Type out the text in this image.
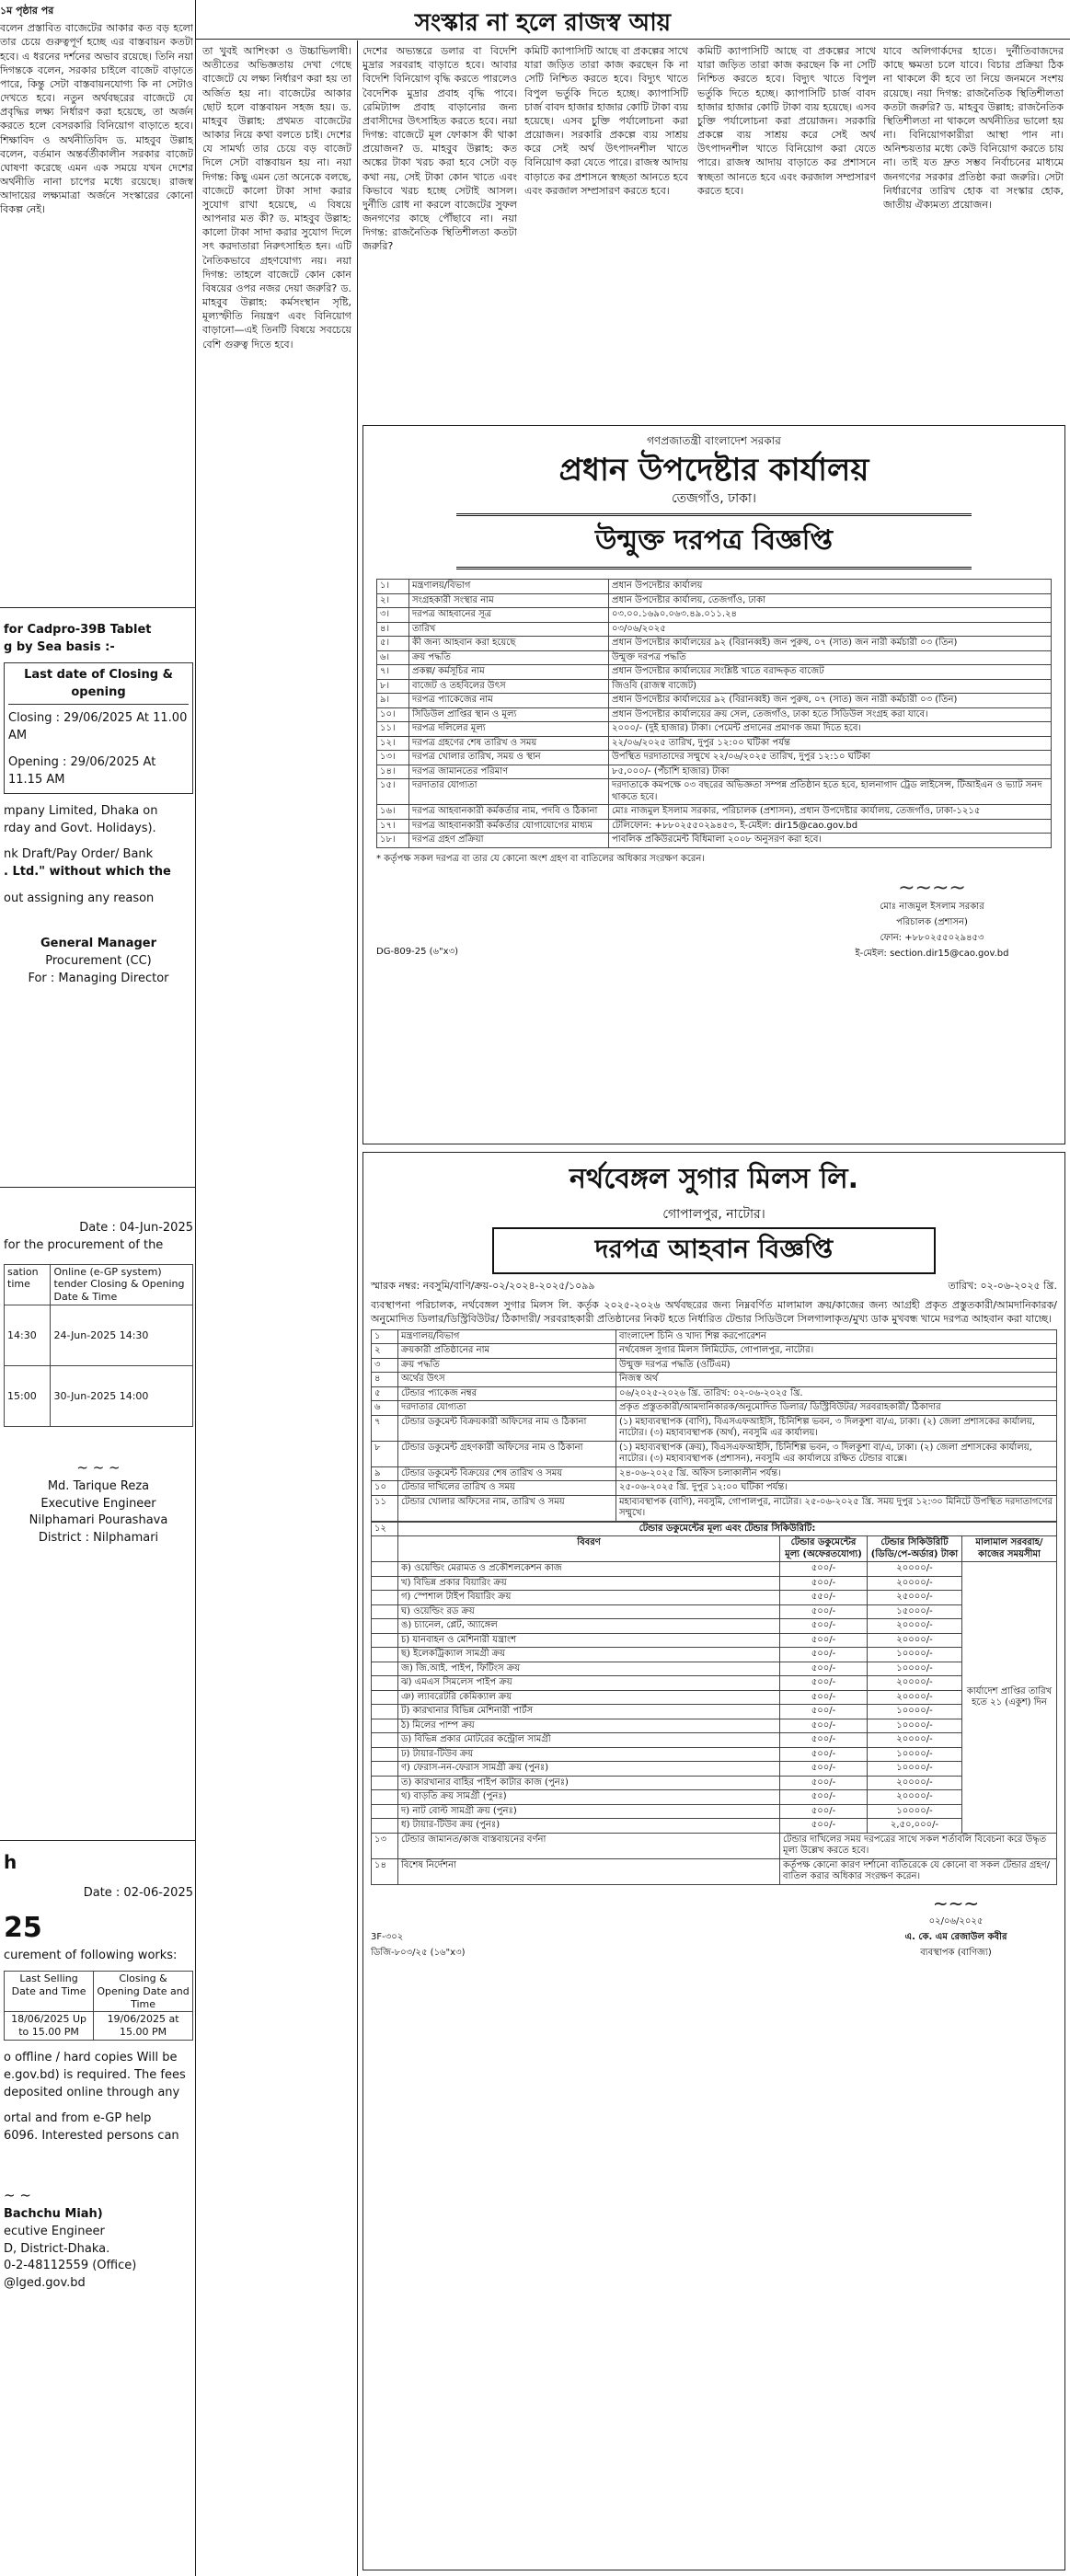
সংস্কার না হলে রাজস্ব আয়

১ম পৃষ্ঠার পর

বলেন প্রস্তাবিত বাজেটের আকার কত বড় হলো তার চেয়ে গুরুত্বপূর্ণ হচ্ছে এর বাস্তবায়ন কতটা হবে। এ ধরনের দর্শনের অভাব রয়েছে। তিনি নয়া দিগন্তকে বলেন, সরকার চাইলে বাজেট বাড়াতে পারে, কিন্তু সেটা বাস্তবায়নযোগ্য কি না সেটাও দেখতে হবে। নতুন অর্থবছরের বাজেটে যে প্রবৃদ্ধির লক্ষ্য নির্ধারণ করা হয়েছে, তা অর্জন করতে হলে বেসরকারি বিনিয়োগ বাড়াতে হবে। শিক্ষাবিদ ও অর্থনীতিবিদ ড. মাহবুব উল্লাহ বলেন, বর্তমান অন্তর্বর্তীকালীন সরকার বাজেট ঘোষণা করেছে এমন এক সময়ে যখন দেশের অর্থনীতি নানা চাপের মধ্যে রয়েছে। রাজস্ব আদায়ের লক্ষ্যমাত্রা অর্জনে সংস্কারের কোনো বিকল্প নেই।

for Cadpro-39B Tablet
g by Sea basis :-
Last date of Closing & opening
Closing : 29/06/2025 At 11.00 AM
Opening : 29/06/2025 At 11.15 AM
mpany Limited, Dhaka on
rday and Govt. Holidays).
nk Draft/Pay Order/ Bank
. Ltd." without which the
out assigning any reason
General Manager
Procurement (CC)
For : Managing Director
Date : 04-Jun-2025
for the procurement of the
sation time	Online (e-GP system) tender Closing & Opening Date & Time
14:30	24-Jun-2025 14:30
15:00	30-Jun-2025 14:00
~ ~ ~
Md. Tarique Reza
Executive Engineer
Nilphamari Pourashava
District : Nilphamari
h
Date : 02-06-2025
25
curement of following works:
Last Selling Date and Time	Closing & Opening Date and Time
18/06/2025 Up to 15.00 PM	19/06/2025 at 15.00 PM
o offline / hard copies Will be
e.gov.bd) is required. The fees
deposited online through any
ortal and from e-GP help
6096. Interested persons can
~ ~
Bachchu Miah)
ecutive Engineer
D, District-Dhaka.
0-2-48112559 (Office)
@lged.gov.bd

তা খুবই আশিংকা ও উচ্চাভিলাষী। অতীতের অভিজ্ঞতায় দেখা গেছে বাজেটে যে লক্ষ্য নির্ধারণ করা হয় তা অর্জিত হয় না। বাজেটের আকার ছোট হলে বাস্তবায়ন সহজ হয়। ড. মাহবুব উল্লাহ: প্রথমত বাজেটের আকার নিয়ে কথা বলতে চাই। দেশের যে সামর্থ্য তার চেয়ে বড় বাজেট দিলে সেটা বাস্তবায়ন হয় না। নয়া দিগন্ত: কিছু এমন তো অনেকে বলছে, বাজেটে কালো টাকা সাদা করার সুযোগ রাখা হয়েছে, এ বিষয়ে আপনার মত কী? ড. মাহবুব উল্লাহ: কালো টাকা সাদা করার সুযোগ দিলে সৎ করদাতারা নিরুৎসাহিত হন। এটি নৈতিকভাবে গ্রহণযোগ্য নয়। নয়া দিগন্ত: তাহলে বাজেটে কোন কোন বিষয়ের ওপর নজর দেয়া জরুরি? ড. মাহবুব উল্লাহ: কর্মসংস্থান সৃষ্টি, মূল্যস্ফীতি নিয়ন্ত্রণ এবং বিনিয়োগ বাড়ানো—এই তিনটি বিষয়ে সবচেয়ে বেশি গুরুত্ব দিতে হবে।

দেশের অভ্যন্তরে ডলার বা বিদেশি মুদ্রার সরবরাহ বাড়াতে হবে। আবার বিদেশি বিনিয়োগ বৃদ্ধি করতে পারলেও বৈদেশিক মুদ্রার প্রবাহ বৃদ্ধি পাবে। রেমিট্যান্স প্রবাহ বাড়ানোর জন্য প্রবাসীদের উৎসাহিত করতে হবে। নয়া দিগন্ত: বাজেটে মূল ফোকাস কী থাকা প্রয়োজন? ড. মাহবুব উল্লাহ: কত অঙ্কের টাকা খরচ করা হবে সেটা বড় কথা নয়, সেই টাকা কোন খাতে এবং কিভাবে খরচ হচ্ছে সেটাই আসল। দুর্নীতি রোধ না করলে বাজেটের সুফল জনগণের কাছে পৌঁছাবে না। নয়া দিগন্ত: রাজনৈতিক স্থিতিশীলতা কতটা জরুরি?

কমিটি ক্যাপাসিটি আছে বা প্রকল্পের সাথে যারা জড়িত তারা কাজ করছেন কি না সেটি নিশ্চিত করতে হবে। বিদ্যুৎ খাতে বিপুল ভর্তুকি দিতে হচ্ছে। ক্যাপাসিটি চার্জ বাবদ হাজার হাজার কোটি টাকা ব্যয় হয়েছে। এসব চুক্তি পর্যালোচনা করা প্রয়োজন। সরকারি প্রকল্পে ব্যয় সাশ্রয় করে সেই অর্থ উৎপাদনশীল খাতে বিনিয়োগ করা যেতে পারে। রাজস্ব আদায় বাড়াতে কর প্রশাসনে স্বচ্ছতা আনতে হবে এবং করজাল সম্প্রসারণ করতে হবে।

যাবে অলিগার্কদের হাতে। দুর্নীতিবাজদের কাছে ক্ষমতা চলে যাবে। বিচার প্রক্রিয়া ঠিক না থাকলে কী হবে তা নিয়ে জনমনে সংশয় রয়েছে। নয়া দিগন্ত: রাজনৈতিক স্থিতিশীলতা কতটা জরুরি? ড. মাহবুব উল্লাহ: রাজনৈতিক স্থিতিশীলতা না থাকলে অর্থনীতির ভালো হয় না। বিনিয়োগকারীরা আস্থা পান না। অনিশ্চয়তার মধ্যে কেউ বিনিয়োগ করতে চায় না। তাই যত দ্রুত সম্ভব নির্বাচনের মাধ্যমে জনগণের সরকার প্রতিষ্ঠা করা জরুরি। সেটা নির্ধারণের তারিখ হোক বা সংস্কার হোক, জাতীয় ঐক্যমত্য প্রয়োজন।

কমিটি ক্যাপাসিটি আছে বা প্রকল্পের সাথে যারা জড়িত তারা কাজ করছেন কি না সেটি নিশ্চিত করতে হবে। বিদ্যুৎ খাতে বিপুল ভর্তুকি দিতে হচ্ছে। ক্যাপাসিটি চার্জ বাবদ হাজার হাজার কোটি টাকা ব্যয় হয়েছে। এসব চুক্তি পর্যালোচনা করা প্রয়োজন। সরকারি প্রকল্পে ব্যয় সাশ্রয় করে সেই অর্থ উৎপাদনশীল খাতে বিনিয়োগ করা যেতে পারে। রাজস্ব আদায় বাড়াতে কর প্রশাসনে স্বচ্ছতা আনতে হবে এবং করজাল সম্প্রসারণ করতে হবে।

গণপ্রজাতন্ত্রী বাংলাদেশ সরকার
প্রধান উপদেষ্টার কার্যালয়
তেজগাঁও, ঢাকা।
উন্মুক্ত দরপত্র বিজ্ঞপ্তি
১।	মন্ত্রণালয়/বিভাগ	প্রধান উপদেষ্টার কার্যালয়
২।	সংগ্রহকারী সংস্থার নাম	প্রধান উপদেষ্টার কার্যালয়, তেজগাঁও, ঢাকা
৩।	দরপত্র আহবানের সূত্র	০৩.০০.১৬৯০.০৬৩.৪৯.০১১.২৪
৪।	তারিখ	০৩/০৬/২০২৫
৫।	কী জন্য আহবান করা হয়েছে	প্রধান উপদেষ্টার কার্যালয়ের ৯২ (বিরানব্বই) জন পুরুষ, ০৭ (সাত) জন নারী কর্মচারী ০৩ (তিন)
৬।	ক্রয় পদ্ধতি	উন্মুক্ত দরপত্র পদ্ধতি
৭।	প্রকল্প/ কর্মসূচির নাম	প্রধান উপদেষ্টার কার্যালয়ের সংশ্লিষ্ট খাতে বরাদ্দকৃত বাজেট
৮।	বাজেট ও তহবিলের উৎস	জিওবি (রাজস্ব বাজেট)
৯।	দরপত্র প্যাকেজের নাম	প্রধান উপদেষ্টার কার্যালয়ের ৯২ (বিরানব্বই) জন পুরুষ, ০৭ (সাত) জন নারী কর্মচারী ০৩ (তিন)
১০।	সিডিউল প্রাপ্তির স্থান ও মূল্য	প্রধান উপদেষ্টার কার্যালয়ের ক্রয় সেল, তেজগাঁও, ঢাকা হতে সিডিউল সংগ্রহ করা যাবে।
১১।	দরপত্র দলিলের মূল্য	২০০০/- (দুই হাজার) টাকা। পেমেন্ট প্রদানের প্রমাণক জমা দিতে হবে।
১২।	দরপত্র গ্রহণের শেষ তারিখ ও সময়	২২/০৬/২০২৫ তারিখ, দুপুর ১২:০০ ঘটিকা পর্যন্ত
১৩।	দরপত্র খোলার তারিখ, সময় ও স্থান	উপস্থিত দরদাতাদের সম্মুখে ২২/০৬/২০২৫ তারিখ, দুপুর ১২:১০ ঘটিকা
১৪।	দরপত্র জামানতের পরিমাণ	৮৫,০০০/- (পঁচাশি হাজার) টাকা
১৫।	দরদাতার যোগ্যতা	দরদাতাকে কমপক্ষে ০৩ বছরের অভিজ্ঞতা সম্পন্ন প্রতিষ্ঠান হতে হবে, হালনাগাদ ট্রেড লাইসেন্স, টিআইএন ও ভ্যাট সনদ থাকতে হবে।
১৬।	দরপত্র আহবানকারী কর্মকর্তার নাম, পদবি ও ঠিকানা	মোঃ নাজমুল ইসলাম সরকার, পরিচালক (প্রশাসন), প্রধান উপদেষ্টার কার্যালয়, তেজগাঁও, ঢাকা-১২১৫
১৭।	দরপত্র আহবানকারী কর্মকর্তার যোগাযোগের মাধ্যম	টেলিফোন: +৮৮০২৫৫০২৯৪৫৩, ই-মেইল: dir15@cao.gov.bd
১৮।	দরপত্র গ্রহণ প্রক্রিয়া	পাবলিক প্রকিউরমেন্ট বিধিমালা ২০০৮ অনুসরণ করা হবে।
* কর্তৃপক্ষ সকল দরপত্র বা তার যে কোনো অংশ গ্রহণ বা বাতিলের অধিকার সংরক্ষণ করেন।
DG-809-25 (৬"x৩)
~~~~
মোঃ নাজমুল ইসলাম সরকার
পরিচালক (প্রশাসন)
ফোন: +৮৮০২৫৫০২৯৪৫৩
ই-মেইল: section.dir15@cao.gov.bd
নর্থবেঙ্গল সুগার মিলস লি.
গোপালপুর, নাটোর।
দরপত্র আহবান বিজ্ঞপ্তি
স্মারক নম্বর: নবসুমি/বাণি/ক্রয়-০২/২০২৪-২০২৫/১০৯৯	তারিখ: ০২-০৬-২০২৫ খ্রি.
ব্যবস্থাপনা পরিচালক, নর্থবেঙ্গল সুগার মিলস লি. কর্তৃক ২০২৫-২০২৬ অর্থবছরের জন্য নিম্নবর্ণিত মালামাল ক্রয়/কাজের জন্য আগ্রহী প্রকৃত প্রস্তুতকারী/আমদানিকারক/অনুমোদিত ডিলার/ডিস্ট্রিবিউটর/ ঠিকাদারী/ সরবরাহকারী প্রতিষ্ঠানের নিকট হতে নির্ধারিত টেন্ডার সিডিউলে সিলগালাকৃত/মুখ্য ডাক মুখবন্ধ খামে দরপত্র আহবান করা যাচ্ছে।
১	মন্ত্রণালয়/বিভাগ	বাংলাদেশ চিনি ও খাদ্য শিল্প করপোরেশন
২	ক্রয়কারী প্রতিষ্ঠানের নাম	নর্থবেঙ্গল সুগার মিলস লিমিটেড, গোপালপুর, নাটোর।
৩	ক্রয় পদ্ধতি	উন্মুক্ত দরপত্র পদ্ধতি (ওটিএম)
৪	অর্থের উৎস	নিজস্ব অর্থ
৫	টেন্ডার প্যাকেজ নম্বর	০৬/২০২৫-২০২৬ খ্রি. তারিখ: ০২-০৬-২০২৫ খ্রি.
৬	দরদাতার যোগ্যতা	প্রকৃত প্রস্তুতকারী/আমদানিকারক/অনুমোদিত ডিলার/ ডিস্ট্রিবিউটর/ সরবরাহকারী/ ঠিকাদার
৭	টেন্ডার ডকুমেন্ট বিক্রয়কারী অফিসের নাম ও ঠিকানা	(১) মহাব্যবস্থাপক (বাণি), বিএসএফআইসি, চিনিশিল্প ভবন, ৩ দিলকুশা বা/এ, ঢাকা। (২) জেলা প্রশাসকের কার্যালয়, নাটোর। (৩) মহাব্যবস্থাপক (অর্থ), নবসুমি এর কার্যালয়।
৮	টেন্ডার ডকুমেন্ট গ্রহণকারী অফিসের নাম ও ঠিকানা	(১) মহাব্যবস্থাপক (ক্রয়), বিএসএফআইসি, চিনিশিল্প ভবন, ৩ দিলকুশা বা/এ, ঢাকা। (২) জেলা প্রশাসকের কার্যালয়, নাটোর। (৩) মহাব্যবস্থাপক (প্রশাসন), নবসুমি এর কার্যালয়ে রক্ষিত টেন্ডার বাক্সে।
৯	টেন্ডার ডকুমেন্ট বিক্রয়ের শেষ তারিখ ও সময়	২৪-০৬-২০২৫ খ্রি. অফিস চলাকালীন পর্যন্ত।
১০	টেন্ডার দাখিলের তারিখ ও সময়	২৫-০৬-২০২৫ খ্রি. দুপুর ১২:০০ ঘটিকা পর্যন্ত।
১১	টেন্ডার খোলার অফিসের নাম, তারিখ ও সময়	মহাব্যবস্থাপক (বাণি), নবসুমি, গোপালপুর, নাটোর। ২৫-০৬-২০২৫ খ্রি. সময় দুপুর ১২:৩০ মিনিটে উপস্থিত দরদাতাগণের সম্মুখে।
১২	টেন্ডার ডকুমেন্টের মূল্য এবং টেন্ডার সিকিউরিটি:			
	বিবরণ	টেন্ডার ডকুমেন্টের মূল্য (অফেরতযোগ্য)	টেন্ডার সিকিউরিটি (ডিডি/পে-অর্ডার) টাকা	মালামাল সরবরাহ/ কাজের সময়সীমা
	ক) ওয়েল্ডিং মেরামত ও প্রকৌশলকেশন কাজ	৫০০/-	২০০০০/-	কার্যাদেশ প্রাপ্তির তারিখ হতে ২১ (একুশ) দিন
	খ) বিভিন্ন প্রকার বিয়ারিং ক্রয়	৫০০/-	২০০০০/-	
	গ) স্পেশাল টাইপ বিয়ারিং ক্রয়	৫৫০/-	২৫০০০/-	
	ঘ) ওয়েল্ডিং রড ক্রয়	৫০০/-	১৫০০০/-	
	ঙ) চ্যানেল, প্লেট, অ্যাঙ্গেল	৫০০/-	২০০০০/-	
	চ) যানবাহন ও মেশিনারী যন্ত্রাংশ	৫০০/-	২০০০০/-	
	ছ) ইলেকট্রিক্যাল সামগ্রী ক্রয়	৫০০/-	১০০০০/-	
	জ) জি.আই. পাইপ, ফিটিংস ক্রয়	৫০০/-	১০০০০/-	
	ঝ) এমএস সিমলেস পাইপ ক্রয়	৫০০/-	২০০০০/-	
	ঞ) ল্যাবরেটরি কেমিক্যাল ক্রয়	৫০০/-	২০০০০/-	
	ট) কারখানার বিভিন্ন মেশিনারী পার্টস	৫০০/-	১০০০০/-	
	ঠ) মিলের পাম্প ক্রয়	৫০০/-	১০০০০/-	
	ড) বিভিন্ন প্রকার মোটরের কন্ট্রোল সামগ্রী	৫০০/-	২০০০০/-	
	ঢ) টায়ার-টিউব ক্রয়	৫০০/-	১০০০০/-	
	ণ) ফেরাস-নন-ফেরাস সামগ্রী ক্রয় (পুনঃ)	৫০০/-	১০০০০/-	
	ত) কারখানার বাহির পাইপ কাটার কাজ (পুনঃ)	৫০০/-	২০০০০/-	
	থ) বাড়তি ক্রয় সামগ্রী (পুনঃ)	৫০০/-	২০০০০/-	
	দ) নাট বোল্ট সামগ্রী ক্রয় (পুনঃ)	৫০০/-	১০০০০/-	
	ধ) টায়ার-টিউব ক্রয় (পুনঃ)	৫০০/-	২,৫০,০০০/-	
১৩	টেন্ডার জামানত/কাজ বাস্তবায়নের বর্ণনা	টেন্ডার দাখিলের সময় দরপত্রের সাথে সকল শর্তাবলি বিবেচনা করে উদ্ধৃত মূল্য উল্লেখ করতে হবে।		
১৪	বিশেষ নির্দেশনা	কর্তৃপক্ষ কোনো কারণ দর্শানো ব্যতিরেকে যে কোনো বা সকল টেন্ডার গ্রহণ/বাতিল করার অধিকার সংরক্ষণ করেন।		
3F-৩০২
ডিজি-৮০৩/২৫ (১৬"x৩)
~~~
০২/০৬/২০২৫
এ. কে. এম রেজাউল কবীর
ব্যবস্থাপক (বাণিজ্য)
